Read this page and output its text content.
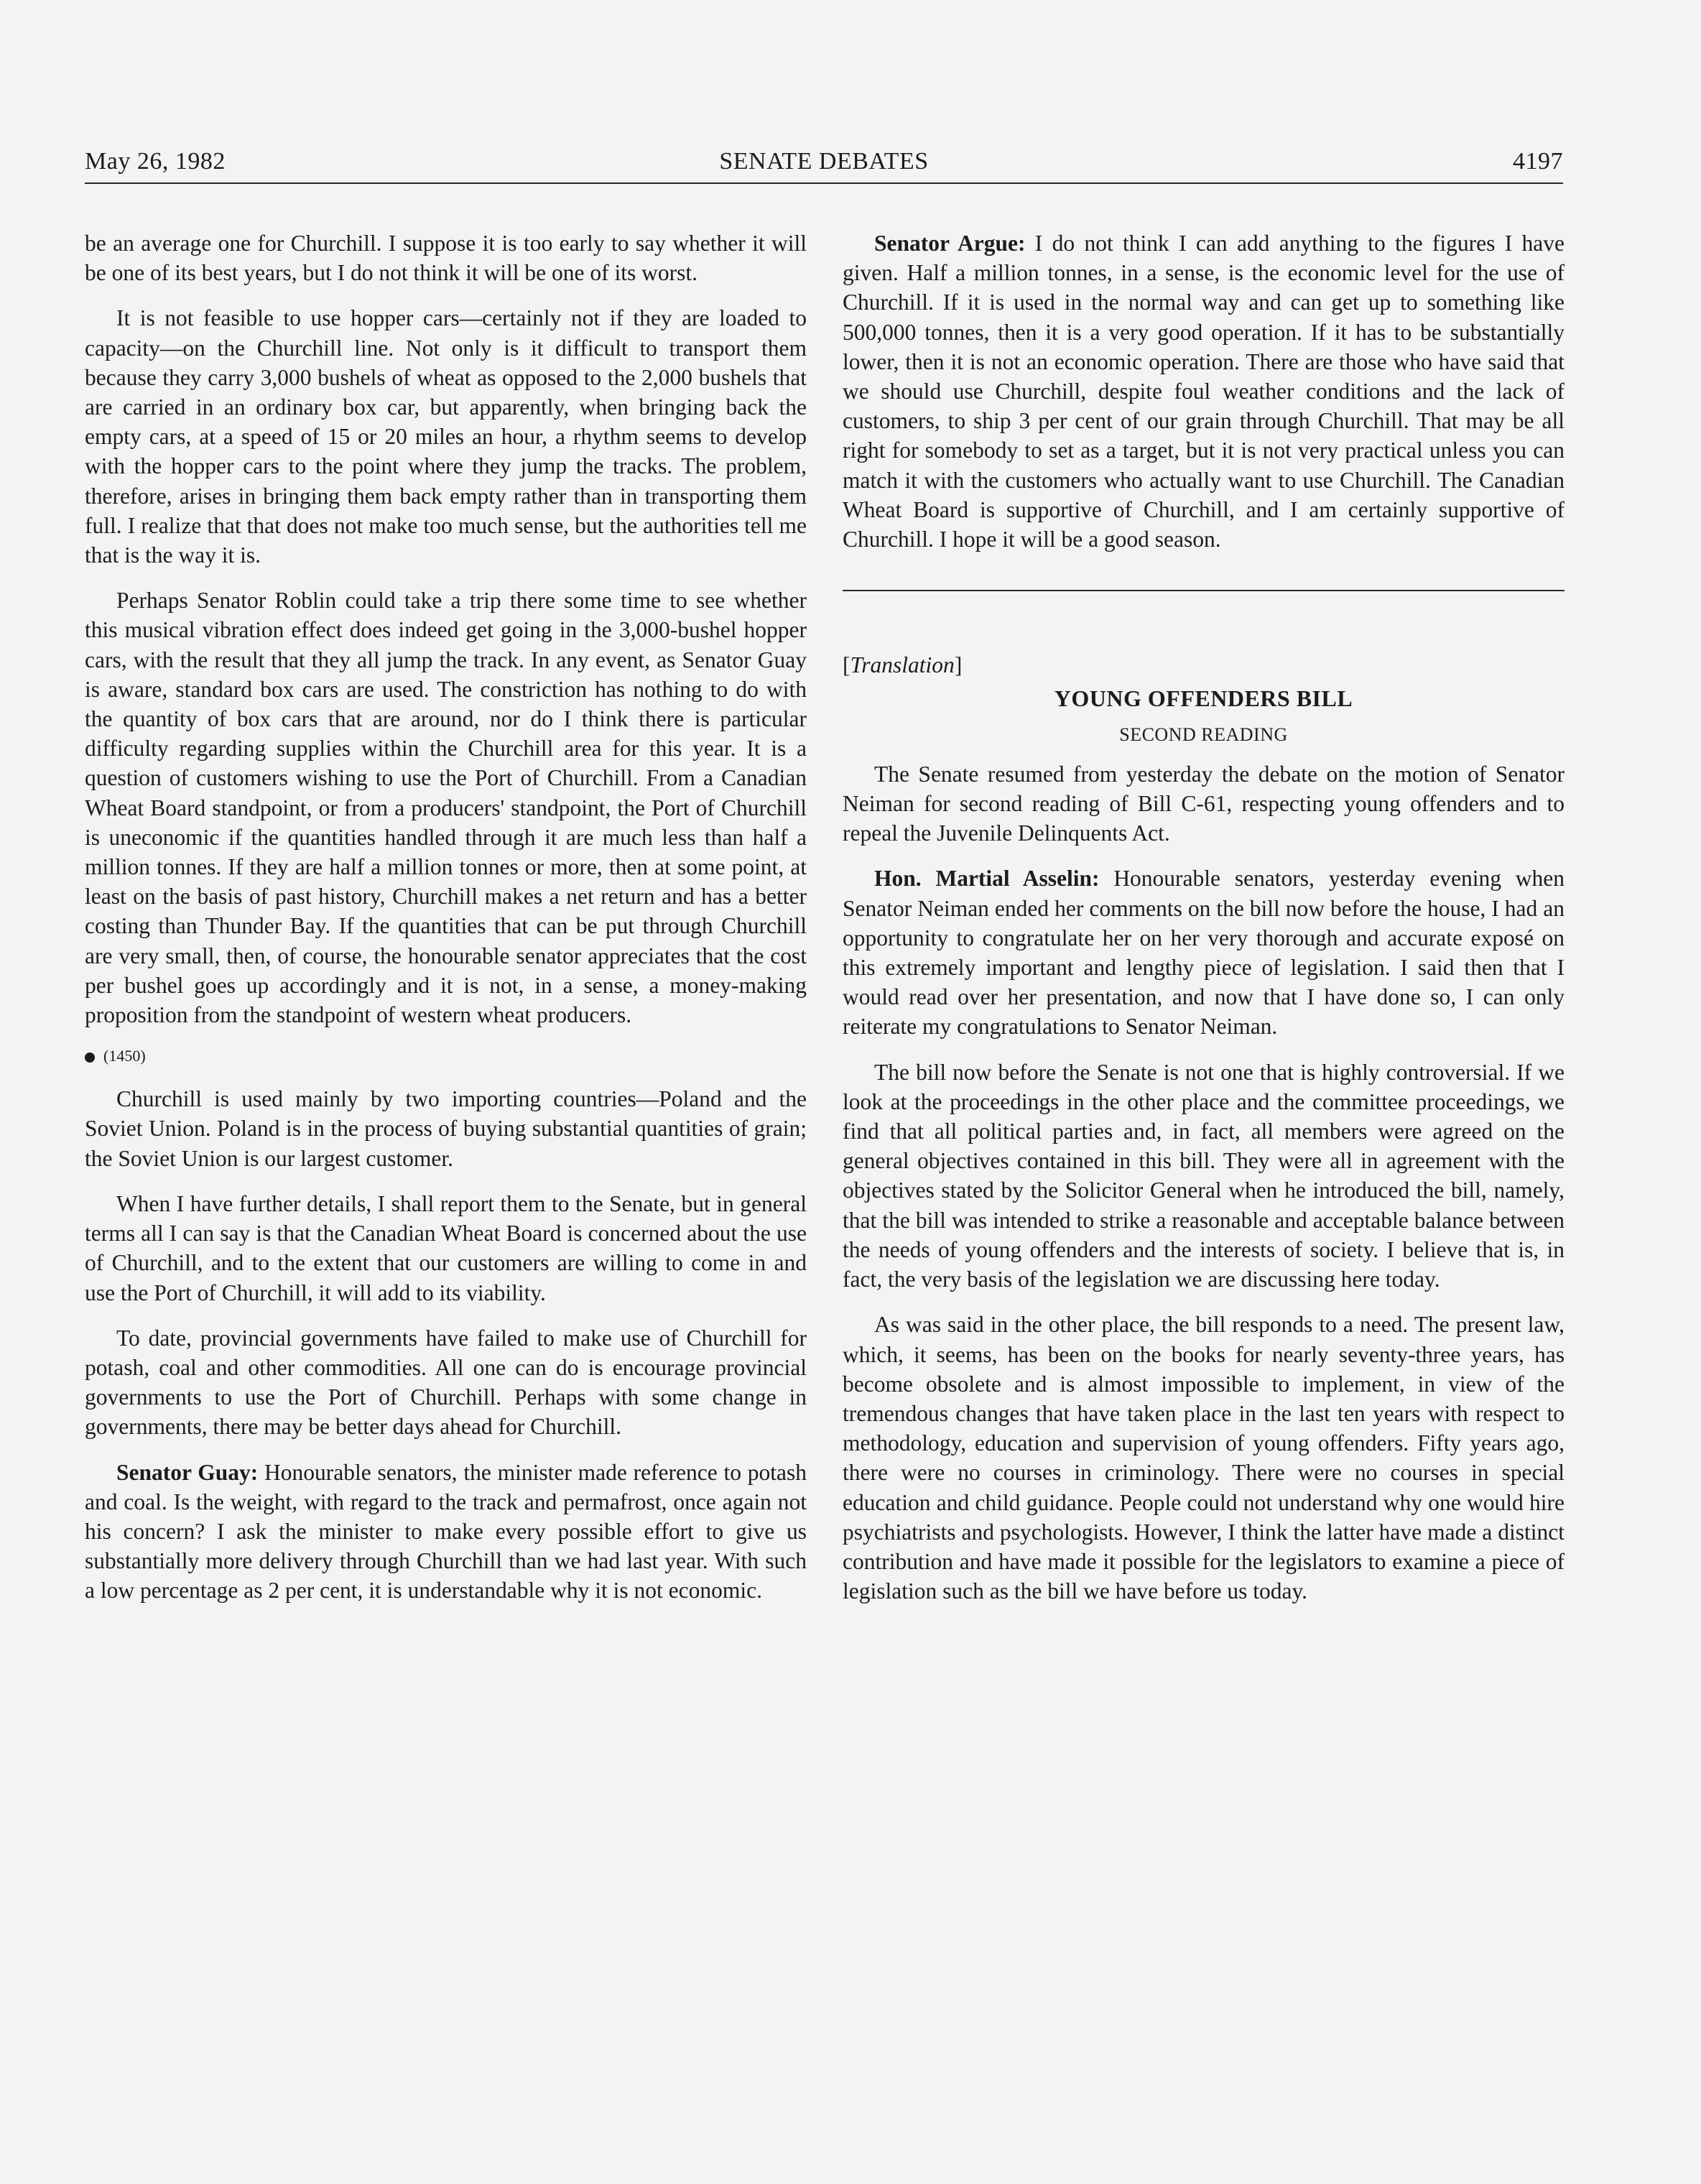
May 26, 1982	SENATE DEBATES	4197

be an average one for Churchill. I suppose it is too early to say whether it will be one of its best years, but I do not think it will be one of its worst.

It is not feasible to use hopper cars—certainly not if they are loaded to capacity—on the Churchill line. Not only is it difficult to transport them because they carry 3,000 bushels of wheat as opposed to the 2,000 bushels that are carried in an ordinary box car, but apparently, when bringing back the empty cars, at a speed of 15 or 20 miles an hour, a rhythm seems to develop with the hopper cars to the point where they jump the tracks. The problem, therefore, arises in bringing them back empty rather than in transporting them full. I realize that that does not make too much sense, but the authorities tell me that is the way it is.

Perhaps Senator Roblin could take a trip there some time to see whether this musical vibration effect does indeed get going in the 3,000-bushel hopper cars, with the result that they all jump the track. In any event, as Senator Guay is aware, standard box cars are used. The constriction has nothing to do with the quantity of box cars that are around, nor do I think there is particular difficulty regarding supplies within the Churchill area for this year. It is a question of customers wishing to use the Port of Churchill. From a Canadian Wheat Board standpoint, or from a producers' standpoint, the Port of Churchill is uneconomic if the quantities handled through it are much less than half a million tonnes. If they are half a million tonnes or more, then at some point, at least on the basis of past history, Churchill makes a net return and has a better costing than Thunder Bay. If the quantities that can be put through Churchill are very small, then, of course, the honourable senator appreciates that the cost per bushel goes up accordingly and it is not, in a sense, a money-making proposition from the standpoint of western wheat producers.

(1450)

Churchill is used mainly by two importing countries—Poland and the Soviet Union. Poland is in the process of buying substantial quantities of grain; the Soviet Union is our largest customer.

When I have further details, I shall report them to the Senate, but in general terms all I can say is that the Canadian Wheat Board is concerned about the use of Churchill, and to the extent that our customers are willing to come in and use the Port of Churchill, it will add to its viability.

To date, provincial governments have failed to make use of Churchill for potash, coal and other commodities. All one can do is encourage provincial governments to use the Port of Churchill. Perhaps with some change in governments, there may be better days ahead for Churchill.

Senator Guay: Honourable senators, the minister made reference to potash and coal. Is the weight, with regard to the track and permafrost, once again not his concern? I ask the minister to make every possible effort to give us substantially more delivery through Churchill than we had last year. With such a low percentage as 2 per cent, it is understandable why it is not economic.

Senator Argue: I do not think I can add anything to the figures I have given. Half a million tonnes, in a sense, is the economic level for the use of Churchill. If it is used in the normal way and can get up to something like 500,000 tonnes, then it is a very good operation. If it has to be substantially lower, then it is not an economic operation. There are those who have said that we should use Churchill, despite foul weather conditions and the lack of customers, to ship 3 per cent of our grain through Churchill. That may be all right for somebody to set as a target, but it is not very practical unless you can match it with the customers who actually want to use Churchill. The Canadian Wheat Board is supportive of Churchill, and I am certainly supportive of Churchill. I hope it will be a good season.

[Translation]
YOUNG OFFENDERS BILL
SECOND READING

The Senate resumed from yesterday the debate on the motion of Senator Neiman for second reading of Bill C-61, respecting young offenders and to repeal the Juvenile Delinquents Act.

Hon. Martial Asselin: Honourable senators, yesterday evening when Senator Neiman ended her comments on the bill now before the house, I had an opportunity to congratulate her on her very thorough and accurate exposé on this extremely important and lengthy piece of legislation. I said then that I would read over her presentation, and now that I have done so, I can only reiterate my congratulations to Senator Neiman.

The bill now before the Senate is not one that is highly controversial. If we look at the proceedings in the other place and the committee proceedings, we find that all political parties and, in fact, all members were agreed on the general objectives contained in this bill. They were all in agreement with the objectives stated by the Solicitor General when he introduced the bill, namely, that the bill was intended to strike a reasonable and acceptable balance between the needs of young offenders and the interests of society. I believe that is, in fact, the very basis of the legislation we are discussing here today.

As was said in the other place, the bill responds to a need. The present law, which, it seems, has been on the books for nearly seventy-three years, has become obsolete and is almost impossible to implement, in view of the tremendous changes that have taken place in the last ten years with respect to methodology, education and supervision of young offenders. Fifty years ago, there were no courses in criminology. There were no courses in special education and child guidance. People could not understand why one would hire psychiatrists and psychologists. However, I think the latter have made a distinct contribution and have made it possible for the legislators to examine a piece of legislation such as the bill we have before us today.
